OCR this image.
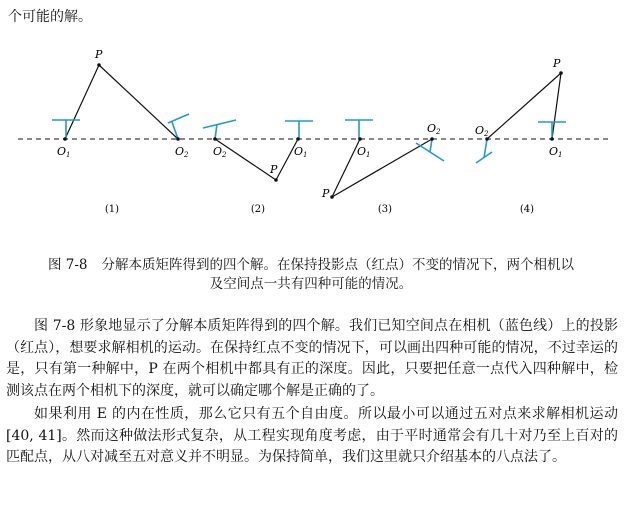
个可能的解。
P
O1	O2
(1)
P
O2	O1
(2)
P
O1
O2
(3)
P
O2
O1
(4)
图 7-8 分解本质矩阵得到的四个解。在保持投影点（红点）不变的情况下，两个相机以
及空间点一共有四种可能的情况。

图 7-8 形象地显示了分解本质矩阵得到的四个解。我们已知空间点在相机（蓝色线）上的投影（红点），想要求解相机的运动。在保持红点不变的情况下，可以画出四种可能的情况，不过幸运的是，只有第一种解中，P 在两个相机中都具有正的深度。因此，只要把任意一点代入四种解中，检测该点在两个相机下的深度，就可以确定哪个解是正确的了。

如果利用 E 的内在性质，那么它只有五个自由度。所以最小可以通过五对点来求解相机运动 [40, 41]。然而这种做法形式复杂，从工程实现角度考虑，由于平时通常会有几十对乃至上百对的匹配点，从八对减至五对意义并不明显。为保持简单，我们这里就只介绍基本的八点法了。
